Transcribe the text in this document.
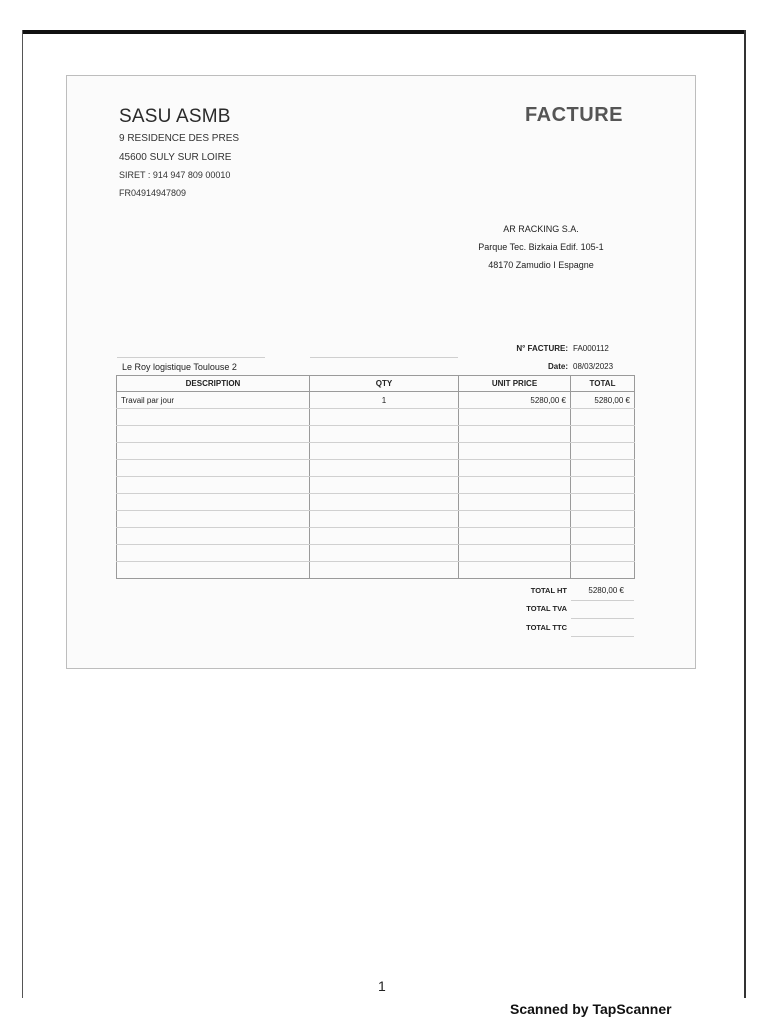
SASU ASMB
9 RESIDENCE DES PRES
45600 SULY SUR LOIRE
SIRET : 914 947 809 00010
FR04914947809
FACTURE
AR RACKING S.A.
Parque Tec. Bizkaia Edif. 105-1
48170 Zamudio I Espagne
N° FACTURE: FA000112
Date: 08/03/2023
Le Roy logistique Toulouse 2
DESCRIPTION	QTY	UNIT PRICE	TOTAL
Travail par jour	1	5280,00 €	5280,00 €

TOTAL HT	5280,00 €
TOTAL TVA
TOTAL TTC
1
Scanned by TapScanner
